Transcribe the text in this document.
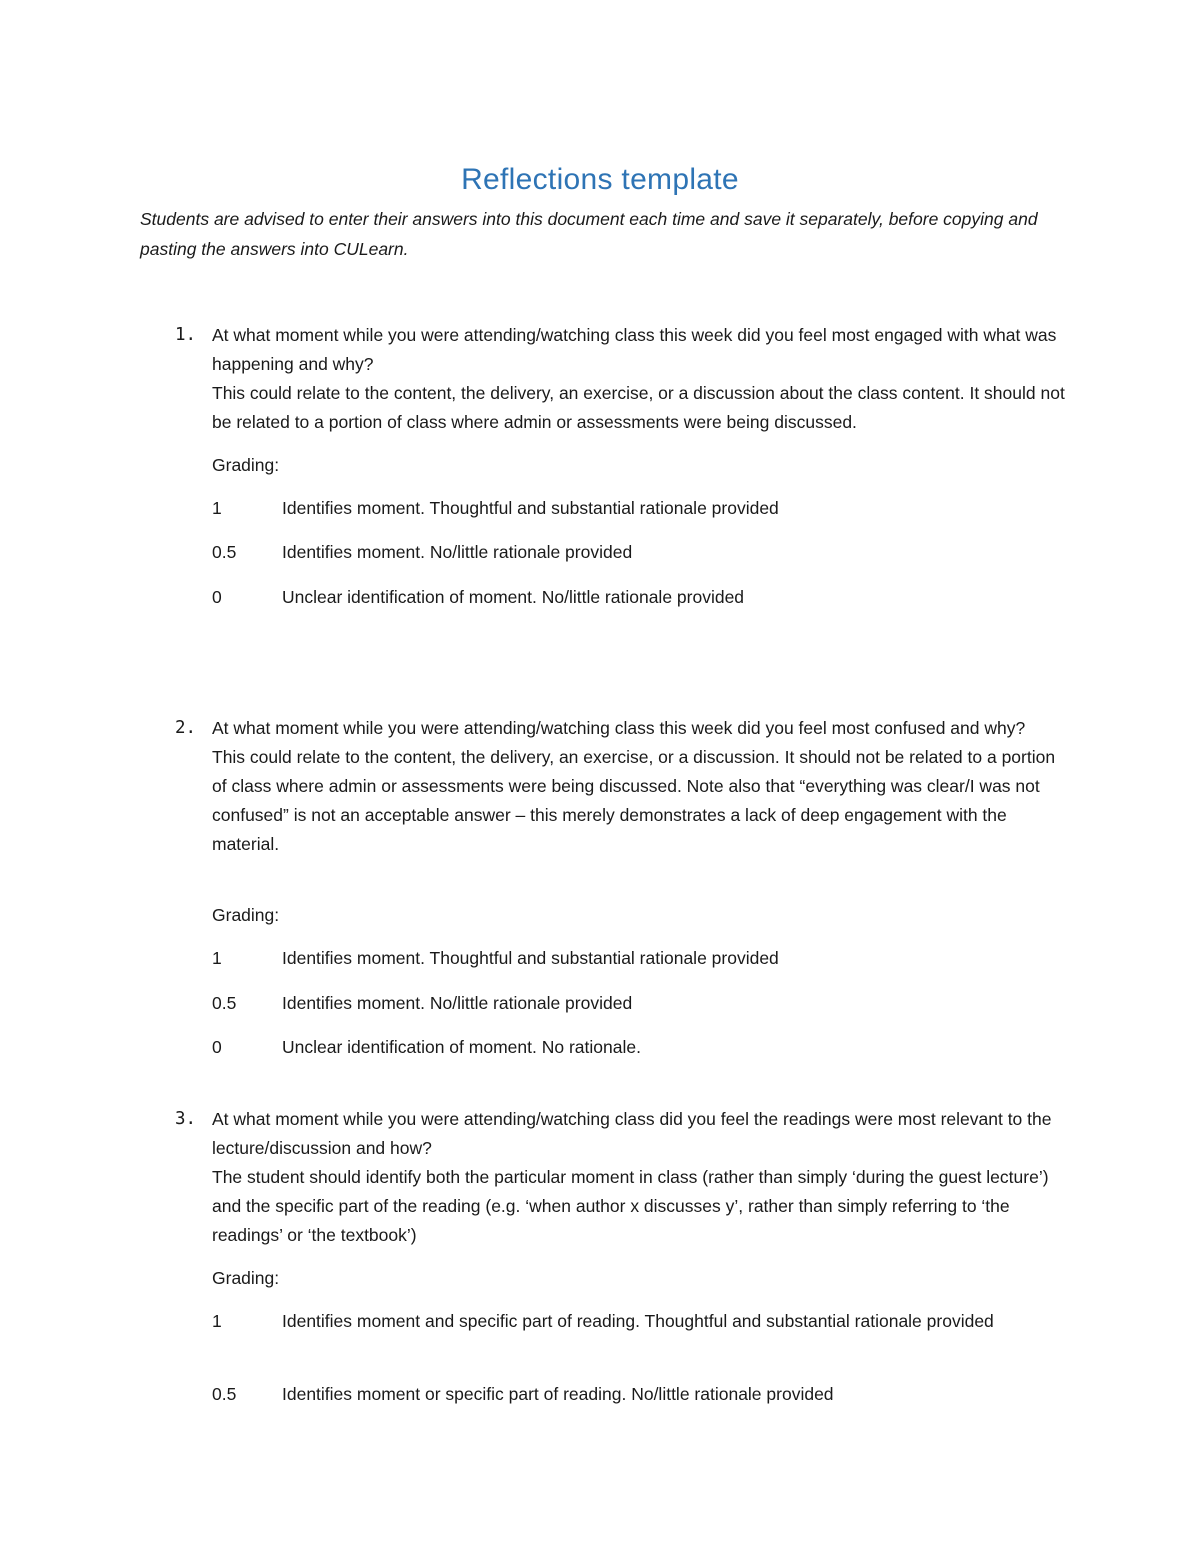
Reflections template
Students are advised to enter their answers into this document each time and save it separately, before copying and pasting the answers into CULearn.
1. At what moment while you were attending/watching class this week did you feel most engaged with what was happening and why?

This could relate to the content, the delivery, an exercise, or a discussion about the class content. It should not be related to a portion of class where admin or assessments were being discussed.

Grading:
1	Identifies moment. Thoughtful and substantial rationale provided
0.5	Identifies moment. No/little rationale provided
0	Unclear identification of moment. No/little rationale provided
2. At what moment while you were attending/watching class this week did you feel most confused and why?

This could relate to the content, the delivery, an exercise, or a discussion. It should not be related to a portion of class where admin or assessments were being discussed. Note also that “everything was clear/I was not confused” is not an acceptable answer – this merely demonstrates a lack of deep engagement with the material.

Grading:
1	Identifies moment. Thoughtful and substantial rationale provided
0.5	Identifies moment. No/little rationale provided
0	Unclear identification of moment. No rationale.
3. At what moment while you were attending/watching class did you feel the readings were most relevant to the lecture/discussion and how?

The student should identify both the particular moment in class (rather than simply ‘during the guest lecture’) and the specific part of the reading (e.g. ‘when author x discusses y’, rather than simply referring to ‘the readings’ or ‘the textbook’)

Grading:
1	Identifies moment and specific part of reading. Thoughtful and substantial rationale provided
0.5	Identifies moment or specific part of reading. No/little rationale provided
